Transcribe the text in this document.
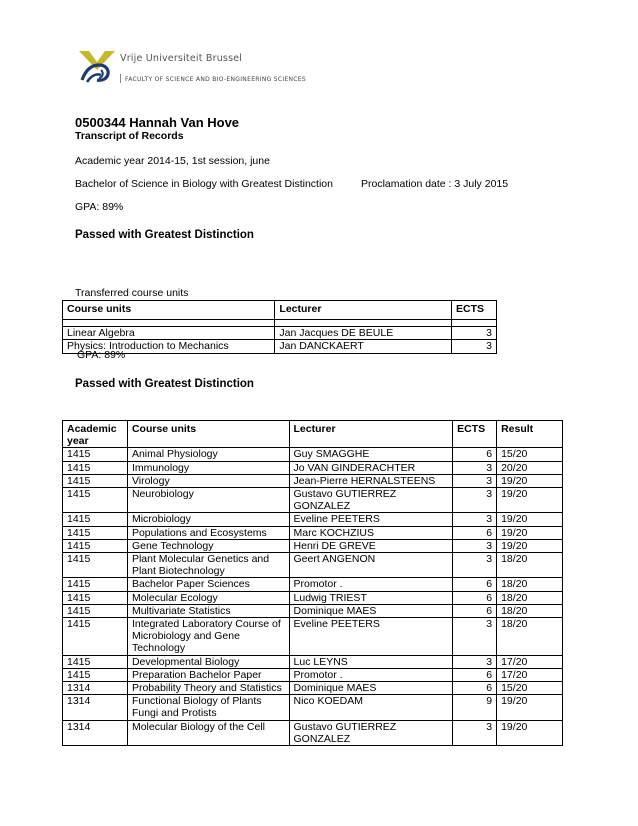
Vrije Universiteit Brussel
FACULTY OF SCIENCE AND BIO-ENGINEERING SCIENCES
0500344 Hannah Van Hove
Transcript of Records
Academic year 2014-15, 1st session, june
Bachelor of Science in Biology with Greatest Distinction	Proclamation date : 3 July 2015
GPA: 89%
Passed with Greatest Distinction
Transferred course units
Course units	Lecturer	ECTS

Linear Algebra	Jan Jacques DE BEULE	3
Physics: Introduction to Mechanics	Jan DANCKAERT	3
GPA: 89%
Passed with Greatest Distinction
Academic year	Course units	Lecturer	ECTS	Result
1415	Animal Physiology	Guy SMAGGHE	6	15/20
1415	Immunology	Jo VAN GINDERACHTER	3	20/20
1415	Virology	Jean-Pierre HERNALSTEENS	3	19/20
1415	Neurobiology	Gustavo GUTIERREZ GONZALEZ	3	19/20
1415	Microbiology	Eveline PEETERS	3	19/20
1415	Populations and Ecosystems	Marc KOCHZIUS	6	19/20
1415	Gene Technology	Henri DE GREVE	3	19/20
1415	Plant Molecular Genetics and Plant Biotechnology	Geert ANGENON	3	18/20
1415	Bachelor Paper Sciences	Promotor .	6	18/20
1415	Molecular Ecology	Ludwig TRIEST	6	18/20
1415	Multivariate Statistics	Dominique MAES	6	18/20
1415	Integrated Laboratory Course of Microbiology and Gene Technology	Eveline PEETERS	3	18/20
1415	Developmental Biology	Luc LEYNS	3	17/20
1415	Preparation Bachelor Paper	Promotor .	6	17/20
1314	Probability Theory and Statistics	Dominique MAES	6	15/20
1314	Functional Biology of Plants Fungi and Protists	Nico KOEDAM	9	19/20
1314	Molecular Biology of the Cell	Gustavo GUTIERREZ GONZALEZ	3	19/20
